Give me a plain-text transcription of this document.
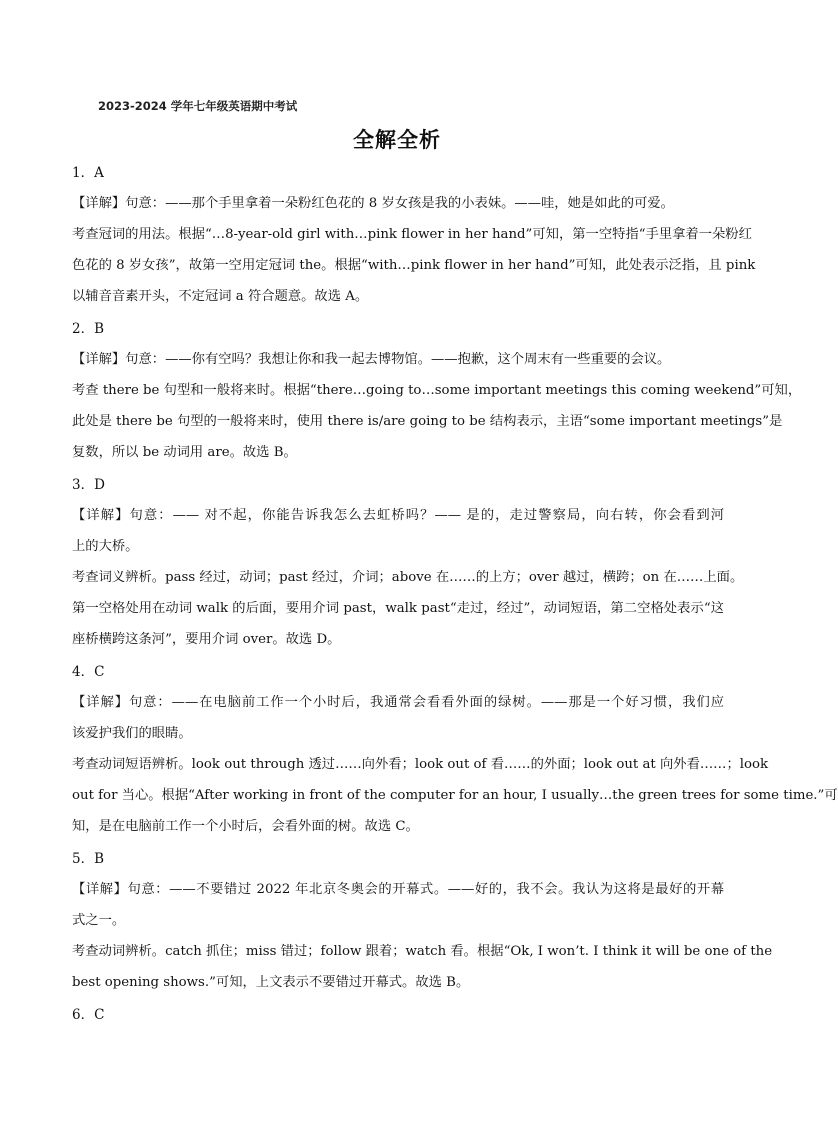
2023-2024 学年七年级英语期中考试
全解全析
1．A
【详解】句意：——那个手里拿着一朵粉红色花的 8 岁女孩是我的小表妹。——哇，她是如此的可爱。
考查冠词的用法。根据“…8-year-old girl with…pink flower in her hand”可知，第一空特指“手里拿着一朵粉红
色花的 8 岁女孩”，故第一空用定冠词 the。根据“with…pink flower in her hand”可知，此处表示泛指，且 pink
以辅音音素开头，不定冠词 a 符合题意。故选 A。
2．B
【详解】句意：——你有空吗？我想让你和我一起去博物馆。——抱歉，这个周末有一些重要的会议。
考查 there be 句型和一般将来时。根据“there…going to…some important meetings this coming weekend”可知，
此处是 there be 句型的一般将来时，使用 there is/are going to be 结构表示，主语“some important meetings”是
复数，所以 be 动词用 are。故选 B。
3．D
【详解】句意：—— 对不起，你能告诉我怎么去虹桥吗？—— 是的，走过警察局，向右转，你会看到河
上的大桥。
考查词义辨析。pass 经过，动词；past 经过，介词；above 在……的上方；over 越过，横跨；on 在……上面。
第一空格处用在动词 walk 的后面，要用介词 past，walk past“走过，经过”，动词短语，第二空格处表示“这
座桥横跨这条河”，要用介词 over。故选 D。
4．C
【详解】句意：——在电脑前工作一个小时后，我通常会看看外面的绿树。——那是一个好习惯，我们应
该爱护我们的眼睛。
考查动词短语辨析。look out through 透过……向外看；look out of 看……的外面；look out at 向外看……；look
out for 当心。根据“After working in front of the computer for an hour, I usually…the green trees for some time.”可
知，是在电脑前工作一个小时后，会看外面的树。故选 C。
5．B
【详解】句意：——不要错过 2022 年北京冬奥会的开幕式。——好的，我不会。我认为这将是最好的开幕
式之一。
考查动词辨析。catch 抓住；miss 错过；follow 跟着；watch 看。根据“Ok, I won’t. I think it will be one of the
best opening shows.”可知，上文表示不要错过开幕式。故选 B。
6．C
